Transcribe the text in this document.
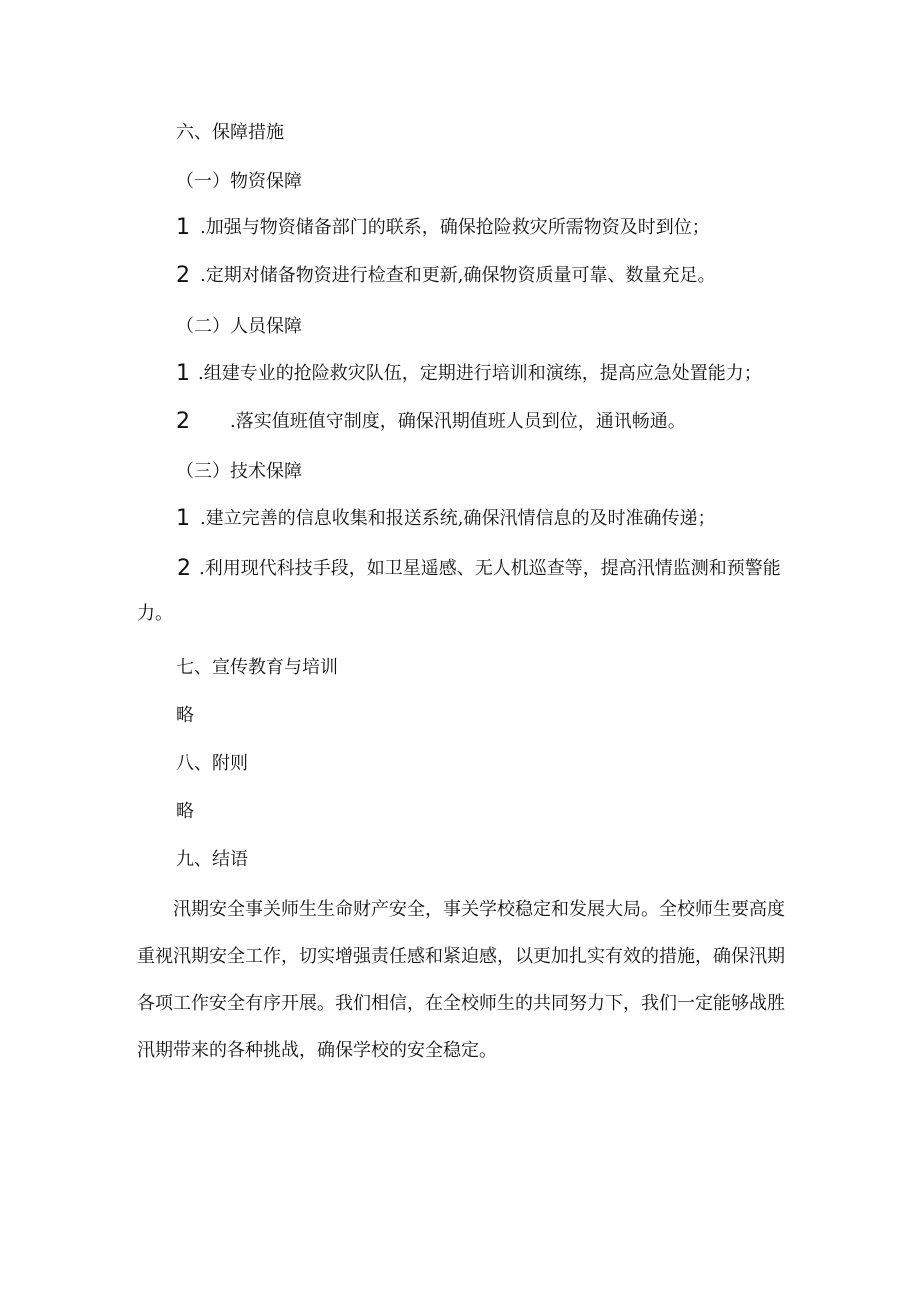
六、保障措施
（一）物资保障
1 .加强与物资储备部门的联系，确保抢险救灾所需物资及时到位；
2 .定期对储备物资进行检查和更新,确保物资质量可靠、数量充足。
（二）人员保障
1 .组建专业的抢险救灾队伍，定期进行培训和演练，提高应急处置能力；
2 .落实值班值守制度，确保汛期值班人员到位，通讯畅通。
（三）技术保障
1 .建立完善的信息收集和报送系统,确保汛情信息的及时准确传递；
2 .利用现代科技手段，如卫星遥感、无人机巡查等，提高汛情监测和预警能力。
七、宣传教育与培训
略
八、附则
略
九、结语
汛期安全事关师生生命财产安全，事关学校稳定和发展大局。全校师生要高度重视汛期安全工作，切实增强责任感和紧迫感，以更加扎实有效的措施，确保汛期各项工作安全有序开展。我们相信，在全校师生的共同努力下，我们一定能够战胜汛期带来的各种挑战，确保学校的安全稳定。
